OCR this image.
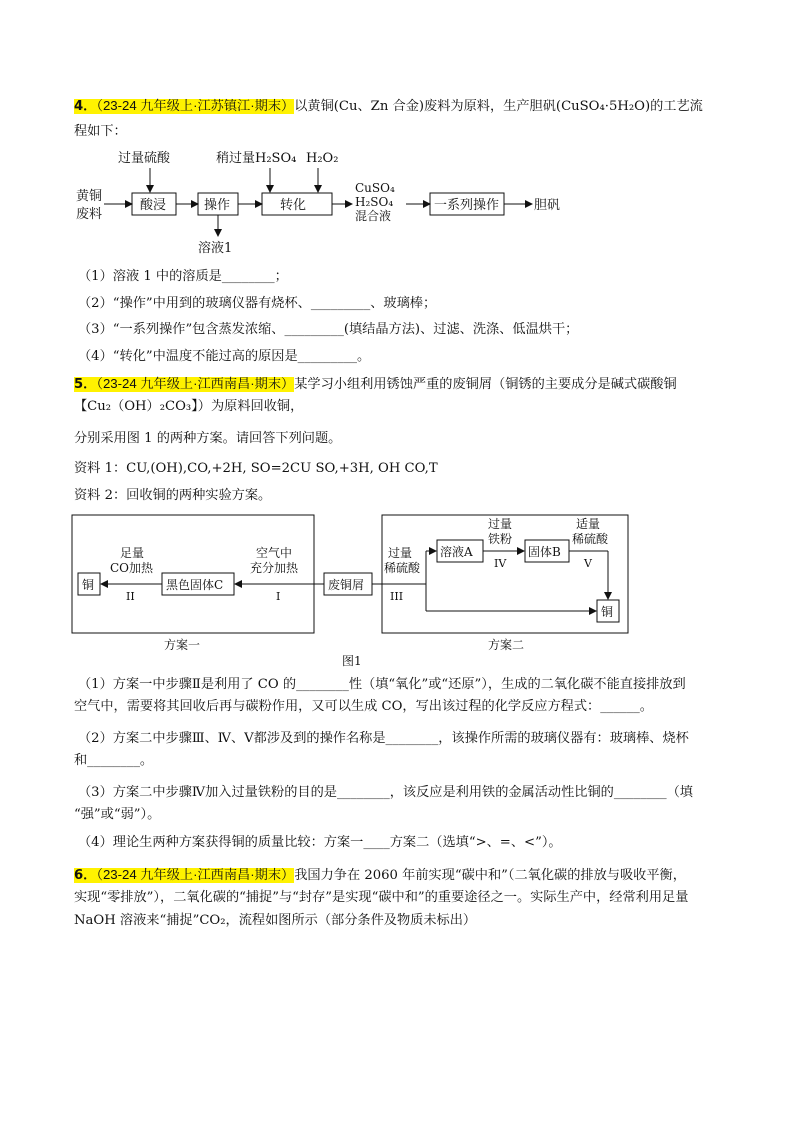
4．（23-24 九年级上·江苏镇江·期末）以黄铜(Cu、Zn 合金)废料为原料，生产胆矾(CuSO₄·5H₂O)的工艺流
程如下：
黄铜
废料
过量硫酸
酸浸	操作
溶液1
稍过量H₂SO₄ H₂O₂
转化
CuSO₄
H₂SO₄
混合液
一系列操作	胆矾
（1）溶液 1 中的溶质是________；
（2）“操作”中用到的玻璃仪器有烧杯、_________、玻璃棒；
（3）“一系列操作”包含蒸发浓缩、_________(填结晶方法)、过滤、洗涤、低温烘干；
（4）“转化”中温度不能过高的原因是_________。
5．（23-24 九年级上·江西南昌·期末）某学习小组利用锈蚀严重的废铜屑（铜锈的主要成分是碱式碳酸铜
【Cu₂（OH）₂CO₃】）为原料回收铜，
分别采用图 1 的两种方案。请回答下列问题。
资料 1：CU,(OH),CO,+2H, SO=2CU SO,+3H, OH CO,T
资料 2：回收铜的两种实验方案。
铜
足量
CO加热
II
黑色固体C
空气中
充分加热
I
方案一
废铜屑
过量
稀硫酸
III
溶液A
过量
铁粉
IV
固体B
适量
稀硫酸
V
铜
方案二
图1
（1）方案一中步骤Ⅱ是利用了 CO 的________性（填“氧化”或“还原”），生成的二氧化碳不能直接排放到
空气中，需要将其回收后再与碳粉作用，又可以生成 CO，写出该过程的化学反应方程式：______。
（2）方案二中步骤Ⅲ、Ⅳ、Ⅴ都涉及到的操作名称是________，该操作所需的玻璃仪器有：玻璃棒、烧杯
和________。
（3）方案二中步骤Ⅳ加入过量铁粉的目的是________，该反应是利用铁的金属活动性比铜的________（填
“强”或“弱”）。
（4）理论生两种方案获得铜的质量比较：方案一____方案二（选填“>、=、<”）。
6．（23-24 九年级上·江西南昌·期末）我国力争在 2060 年前实现“碳中和”（二氧化碳的排放与吸收平衡，
实现“零排放”），二氧化碳的“捕捉”与“封存”是实现“碳中和”的重要途径之一。实际生产中，经常利用足量
NaOH 溶液来“捕捉”CO₂，流程如图所示（部分条件及物质未标出）
